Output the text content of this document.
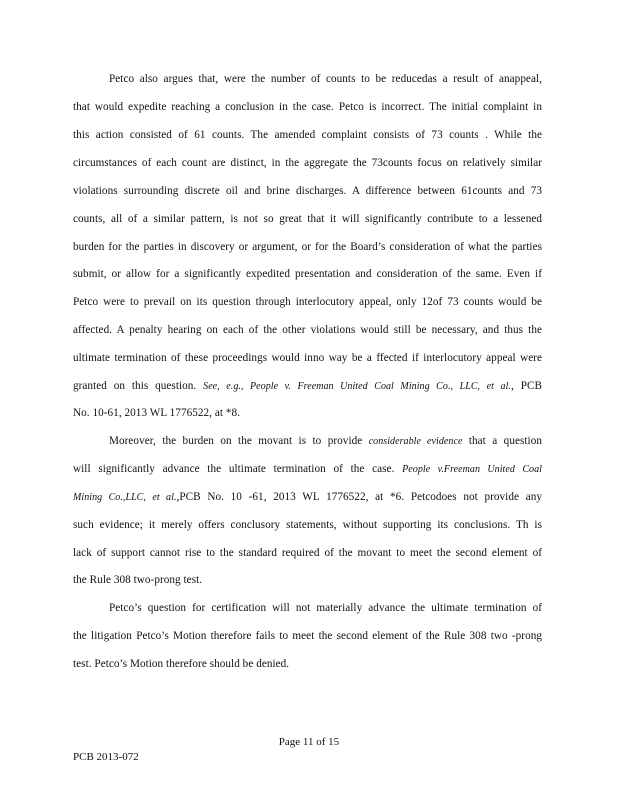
Petco also argues that, were the number of counts to be reducedas a result of anappeal,
that would expedite reaching a conclusion in the case. Petco is incorrect. The initial complaint in
this action consisted of 61 counts. The amended complaint consists of 73 counts . While the
circumstances of each count are distinct, in the aggregate the 73counts focus on relatively similar
violations surrounding discrete oil and brine discharges. A difference between 61counts and 73
counts, all of a similar pattern, is not so great that it will significantly contribute to a lessened
burden for the parties in discovery or argument, or for the Board’s consideration of what the parties
submit, or allow for a significantly expedited presentation and consideration of the same. Even if
Petco were to prevail on its question through interlocutory appeal, only 12of 73 counts would be
affected. A penalty hearing on each of the other violations would still be necessary, and thus the
ultimate termination of these proceedings would inno way be a ffected if interlocutory appeal were
granted on this question. See, e.g., People v. Freeman United Coal Mining Co., LLC, et al., PCB
No. 10-61, 2013 WL 1776522, at *8.
Moreover, the burden on the movant is to provide considerable evidence that a question
will significantly advance the ultimate termination of the case. People v.Freeman United Coal
Mining Co.,LLC, et al.,PCB No. 10 -61, 2013 WL 1776522, at *6. Petcodoes not provide any
such evidence; it merely offers conclusory statements, without supporting its conclusions. Th is
lack of support cannot rise to the standard required of the movant to meet the second element of
the Rule 308 two-prong test.
Petco’s question for certification will not materially advance the ultimate termination of
the litigation Petco’s Motion therefore fails to meet the second element of the Rule 308 two -prong
test. Petco’s Motion therefore should be denied.
Page 11 of 15
PCB 2013-072
